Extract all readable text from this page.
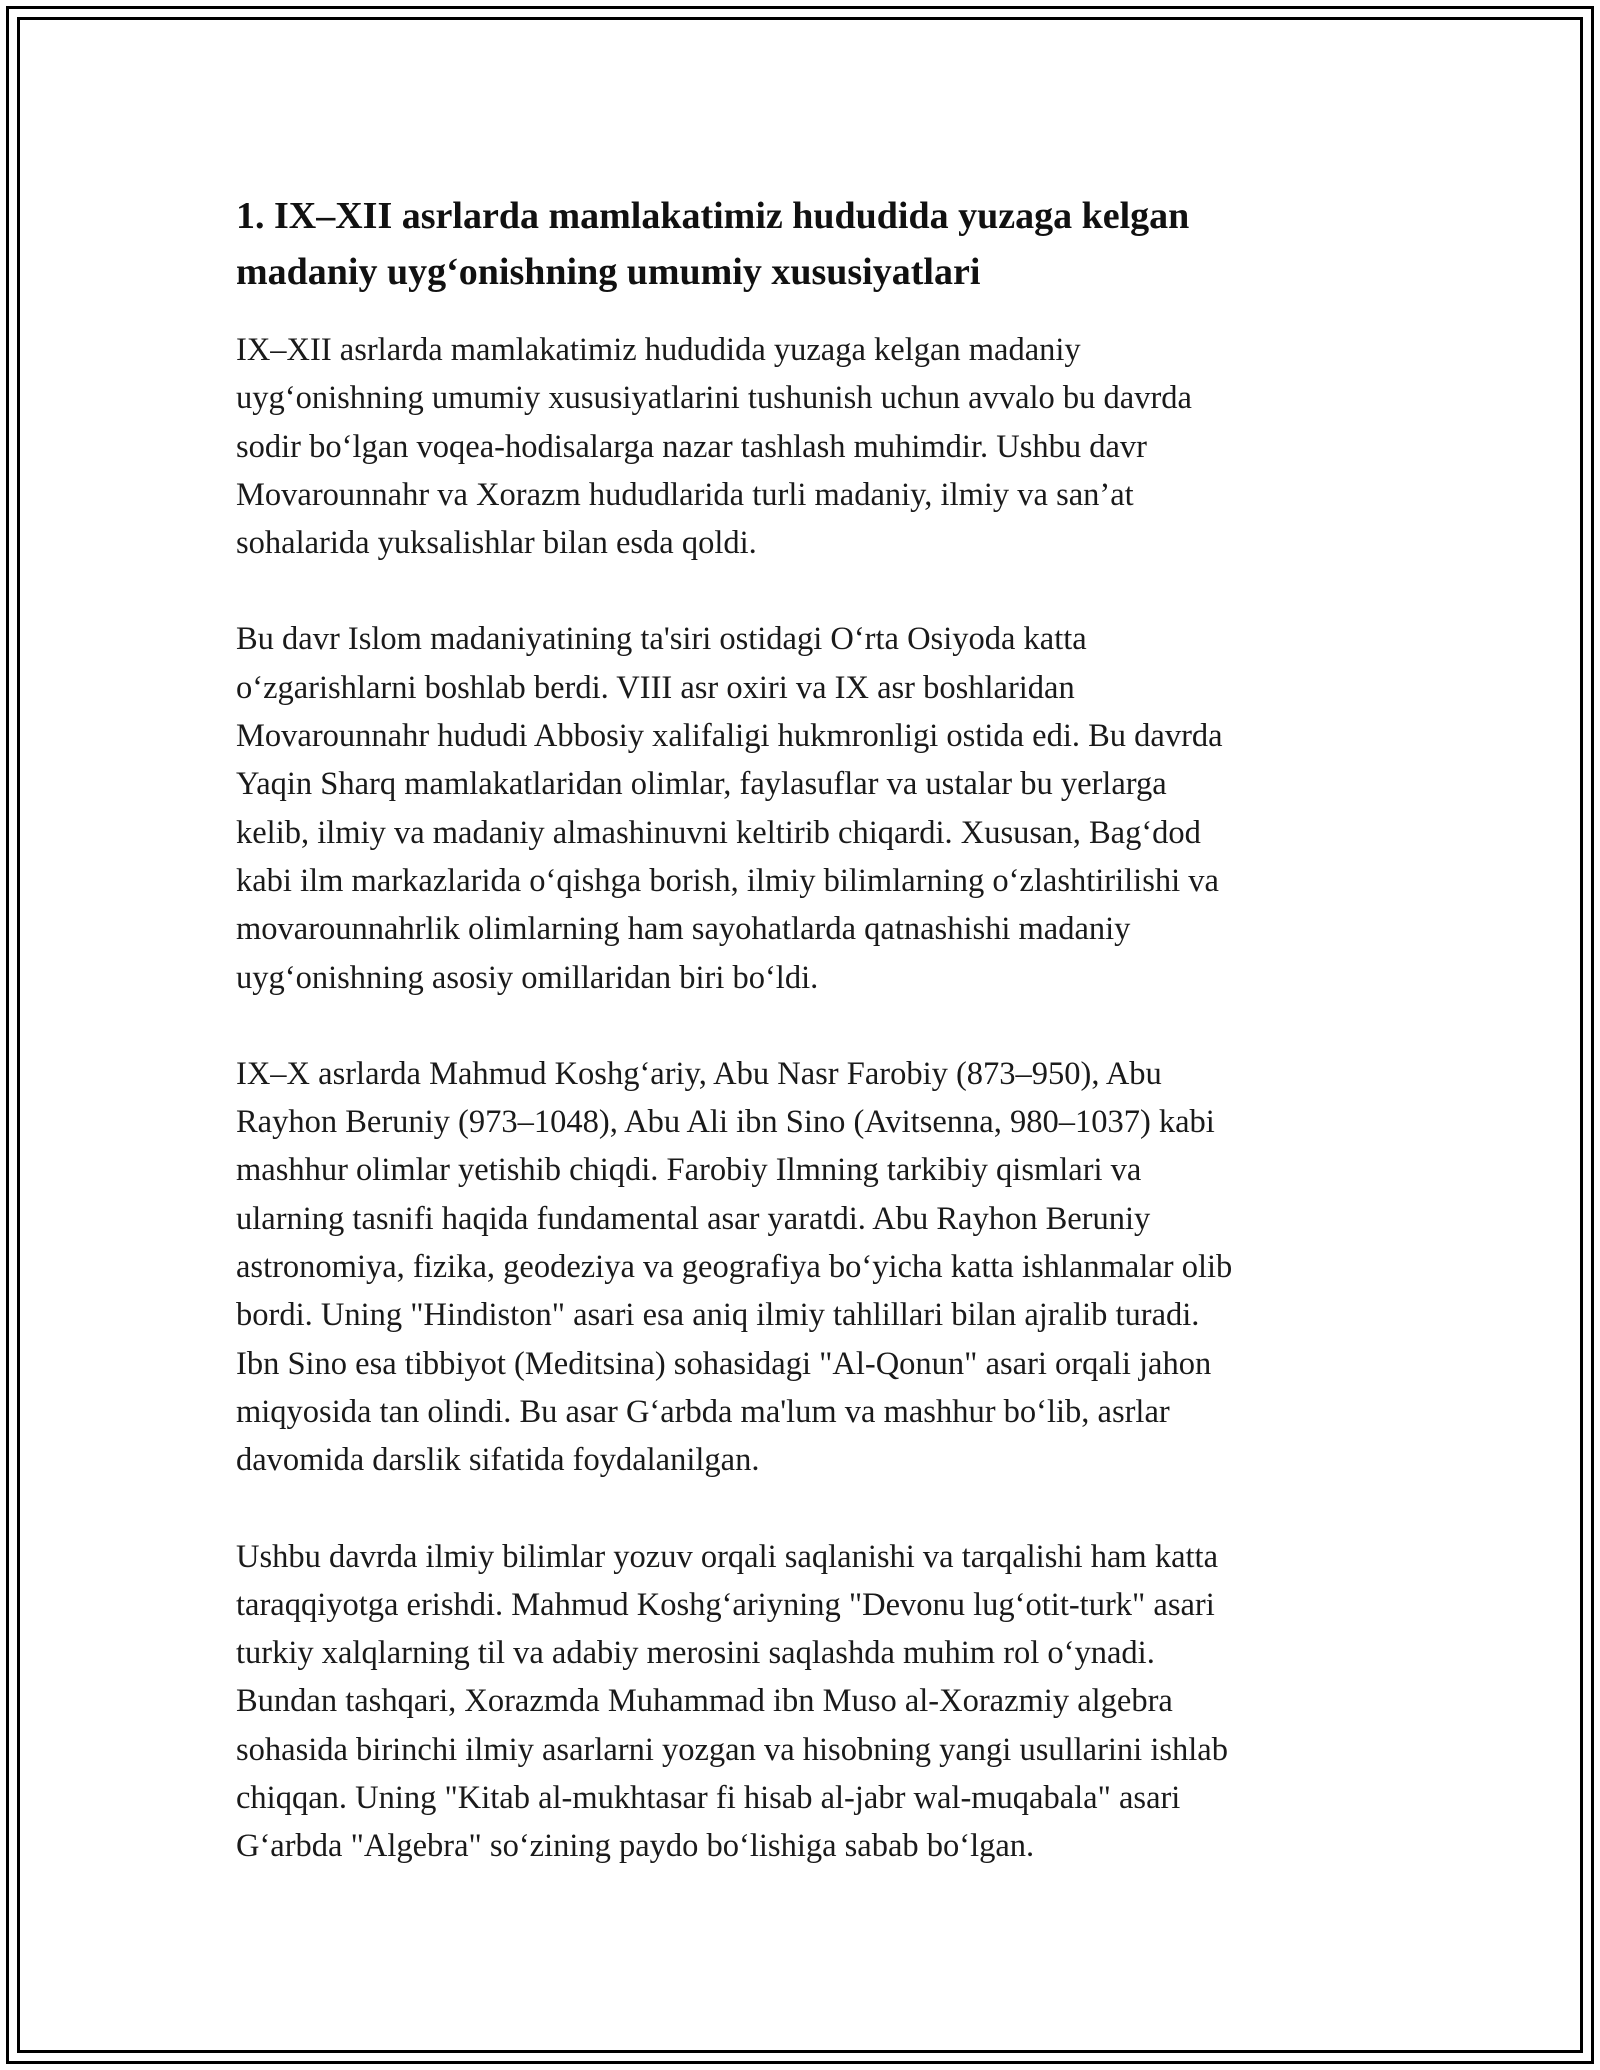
1. IX–XII asrlarda mamlakatimiz hududida yuzaga kelgan madaniy uyg‘onishning umumiy xususiyatlari
IX–XII asrlarda mamlakatimiz hududida yuzaga kelgan madaniy
uyg‘onishning umumiy xususiyatlarini tushunish uchun avvalo bu davrda
sodir bo‘lgan voqea-hodisalarga nazar tashlash muhimdir. Ushbu davr
Movarounnahr va Xorazm hududlarida turli madaniy, ilmiy va san’at
sohalarida yuksalishlar bilan esda qoldi.
Bu davr Islom madaniyatining ta'siri ostidagi O‘rta Osiyoda katta
o‘zgarishlarni boshlab berdi. VIII asr oxiri va IX asr boshlaridan
Movarounnahr hududi Abbosiy xalifaligi hukmronligi ostida edi. Bu davrda
Yaqin Sharq mamlakatlaridan olimlar, faylasuflar va ustalar bu yerlarga
kelib, ilmiy va madaniy almashinuvni keltirib chiqardi. Xususan, Bag‘dod
kabi ilm markazlarida o‘qishga borish, ilmiy bilimlarning o‘zlashtirilishi va
movarounnahrlik olimlarning ham sayohatlarda qatnashishi madaniy
uyg‘onishning asosiy omillaridan biri bo‘ldi.
IX–X asrlarda Mahmud Koshg‘ariy, Abu Nasr Farobiy (873–950), Abu
Rayhon Beruniy (973–1048), Abu Ali ibn Sino (Avitsenna, 980–1037) kabi
mashhur olimlar yetishib chiqdi. Farobiy Ilmning tarkibiy qismlari va
ularning tasnifi haqida fundamental asar yaratdi. Abu Rayhon Beruniy
astronomiya, fizika, geodeziya va geografiya bo‘yicha katta ishlanmalar olib
bordi. Uning "Hindiston" asari esa aniq ilmiy tahlillari bilan ajralib turadi.
Ibn Sino esa tibbiyot (Meditsina) sohasidagi "Al-Qonun" asari orqali jahon
miqyosida tan olindi. Bu asar G‘arbda ma'lum va mashhur bo‘lib, asrlar
davomida darslik sifatida foydalanilgan.
Ushbu davrda ilmiy bilimlar yozuv orqali saqlanishi va tarqalishi ham katta
taraqqiyotga erishdi. Mahmud Koshg‘ariyning "Devonu lug‘otit-turk" asari
turkiy xalqlarning til va adabiy merosini saqlashda muhim rol o‘ynadi.
Bundan tashqari, Xorazmda Muhammad ibn Muso al-Xorazmiy algebra
sohasida birinchi ilmiy asarlarni yozgan va hisobning yangi usullarini ishlab
chiqqan. Uning "Kitab al-mukhtasar fi hisab al-jabr wal-muqabala" asari
G‘arbda "Algebra" so‘zining paydo bo‘lishiga sabab bo‘lgan.
